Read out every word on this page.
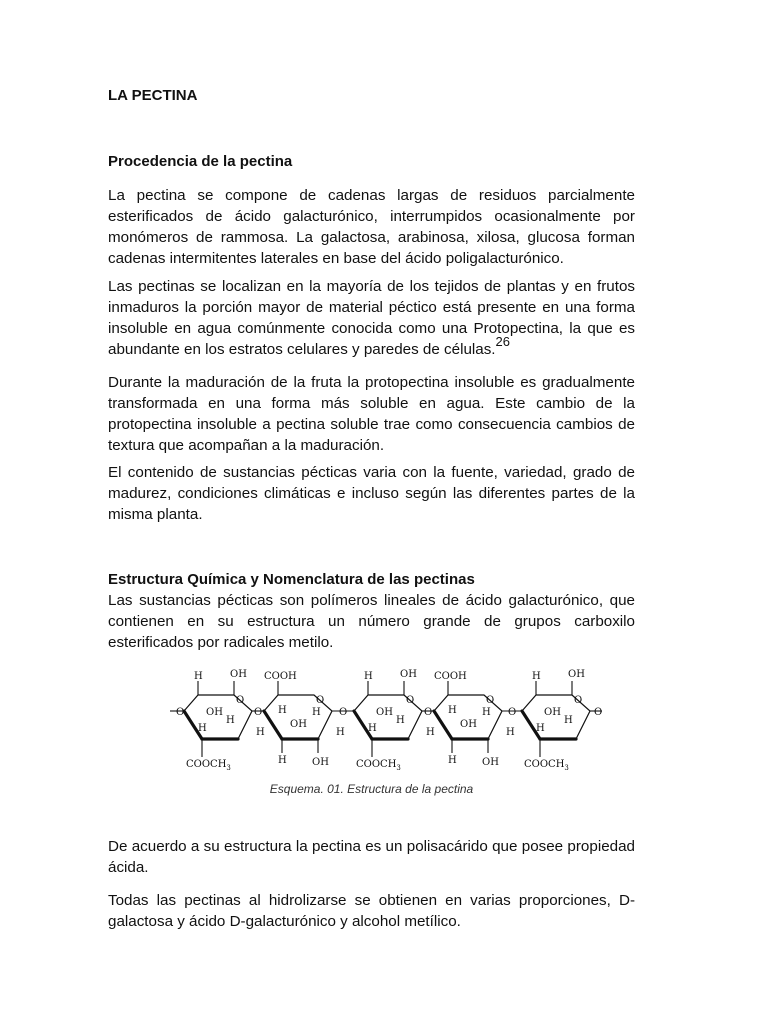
LA PECTINA
Procedencia de la pectina

La pectina se compone de cadenas largas de residuos parcialmente esterificados de ácido galacturónico, interrumpidos ocasionalmente por monómeros de rammosa. La galactosa, arabinosa, xilosa, glucosa forman cadenas intermitentes laterales en base del ácido poligalacturónico.

Las pectinas se localizan en la mayoría de los tejidos de plantas y en frutos inmaduros la porción mayor de material péctico está presente en una forma insoluble en agua comúnmente conocida como una Protopectina, la que es abundante en los estratos celulares y paredes de células.$^{26}$

Durante la maduración de la fruta la protopectina insoluble es gradualmente transformada en una forma más soluble en agua. Este cambio de la protopectina insoluble a pectina soluble trae como consecuencia cambios de textura que acompañan a la maduración.

El contenido de sustancias pécticas varia con la fuente, variedad, grado de madurez, condiciones climáticas e incluso según las diferentes partes de la misma planta.

Estructura Química y Nomenclatura de las pectinas

Las sustancias pécticas son polímeros lineales de ácido galacturónico, que contienen en su estructura un número grande de grupos carboxilo esterificados por radicales metilo.

O
H	OH
OH
H
$COOCH_3$
H
O
H
O
COOH
H	H
OH
H	OH
O
H
O
H	OH
OH
H
$COOCH_3$
H
O
H
O
COOH
H	H
OH
H	OH
O
H
O
H	OH
OH
H
$COOCH_3$
H
O	O

Esquema. 01. Estructura de la pectina

De acuerdo a su estructura la pectina es un polisacárido que posee propiedad ácida.

Todas las pectinas al hidrolizarse se obtienen en varias proporciones, D-galactosa y ácido D-galacturónico y alcohol metílico.
